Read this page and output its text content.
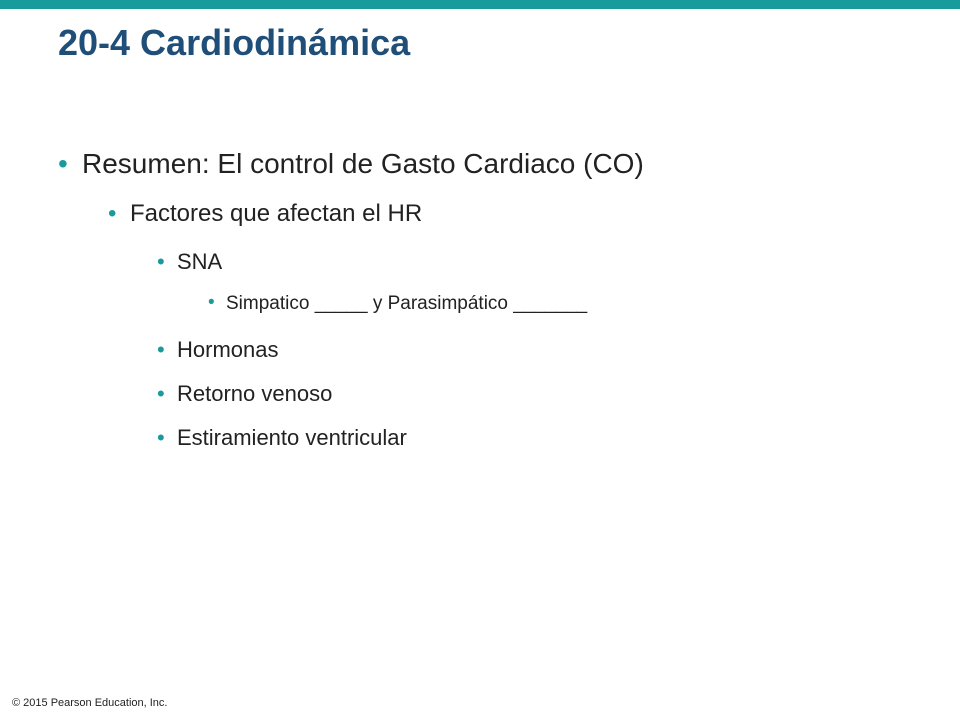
20-4 Cardiodinámica
• Resumen: El control de Gasto Cardiaco (CO)
• Factores que afectan el HR
• SNA
• Simpatico _____ y Parasimpático _______
• Hormonas
• Retorno venoso
• Estiramiento ventricular
© 2015 Pearson Education, Inc.
